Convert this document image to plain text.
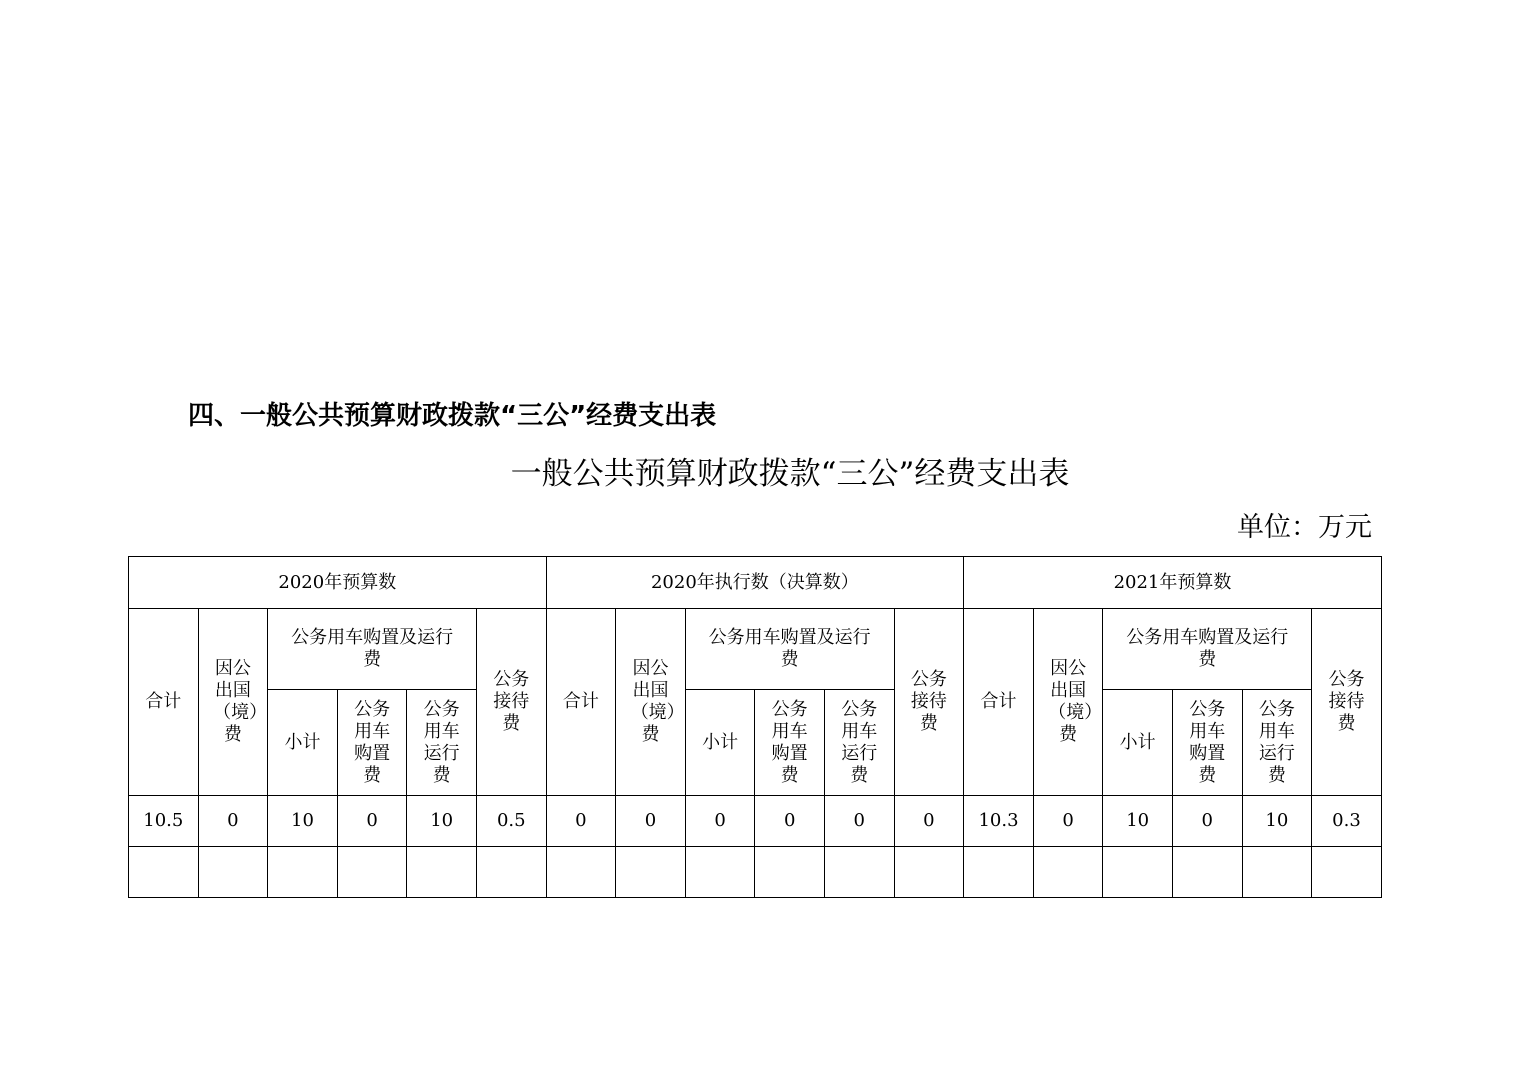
四、一般公共预算财政拨款“三公”经费支出表
一般公共预算财政拨款“三公”经费支出表
单位：万元
2020年预算数						2020年执行数（决算数）						2021年预算数					
合计	因公出国（境）费	公务用车购置及运行费			公务接待费	合计	因公出国（境）费	公务用车购置及运行费			公务接待费	合计	因公出国（境）费	公务用车购置及运行费			公务接待费
		小计	公务用车购置费	公务用车运行费				小计	公务用车购置费	公务用车运行费				小计	公务用车购置费	公务用车运行费	
10.5	0	10	0	10	0.5	0	0	0	0	0	0	10.3	0	10	0	10	0.3
